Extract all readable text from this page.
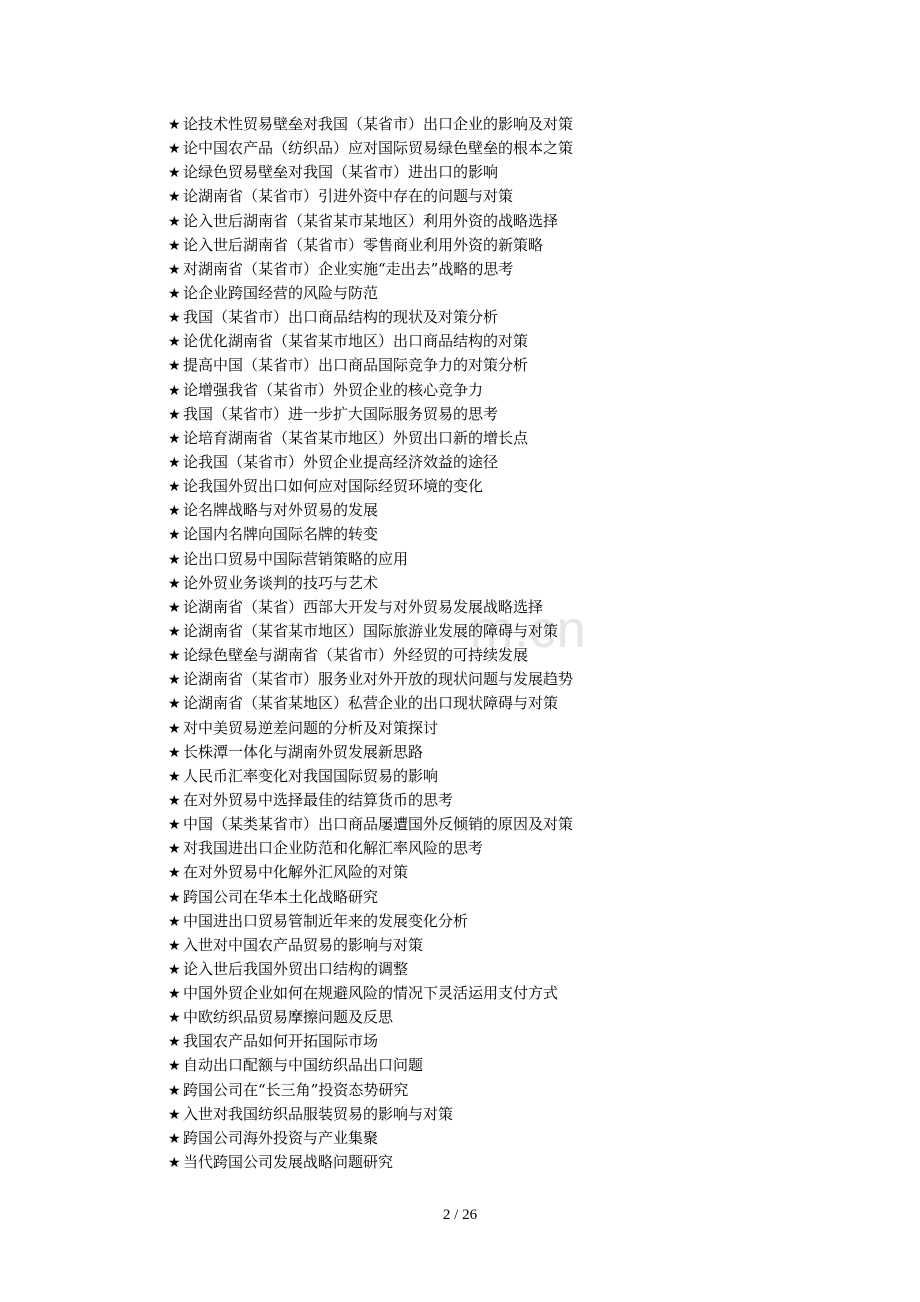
m.cn
★ 论技术性贸易壁垒对我国（某省市）出口企业的影响及对策
★ 论中国农产品（纺织品）应对国际贸易绿色壁垒的根本之策
★ 论绿色贸易壁垒对我国（某省市）进出口的影响
★ 论湖南省（某省市）引进外资中存在的问题与对策
★ 论入世后湖南省（某省某市某地区）利用外资的战略选择
★ 论入世后湖南省（某省市）零售商业利用外资的新策略
★ 对湖南省（某省市）企业实施“走出去”战略的思考
★ 论企业跨国经营的风险与防范
★ 我国（某省市）出口商品结构的现状及对策分析
★ 论优化湖南省（某省某市地区）出口商品结构的对策
★ 提高中国（某省市）出口商品国际竞争力的对策分析
★ 论增强我省（某省市）外贸企业的核心竞争力
★ 我国（某省市）进一步扩大国际服务贸易的思考
★ 论培育湖南省（某省某市地区）外贸出口新的增长点
★ 论我国（某省市）外贸企业提高经济效益的途径
★ 论我国外贸出口如何应对国际经贸环境的变化
★ 论名牌战略与对外贸易的发展
★ 论国内名牌向国际名牌的转变
★ 论出口贸易中国际营销策略的应用
★ 论外贸业务谈判的技巧与艺术
★ 论湖南省（某省）西部大开发与对外贸易发展战略选择
★ 论湖南省（某省某市地区）国际旅游业发展的障碍与对策
★ 论绿色壁垒与湖南省（某省市）外经贸的可持续发展
★ 论湖南省（某省市）服务业对外开放的现状问题与发展趋势
★ 论湖南省（某省某地区）私营企业的出口现状障碍与对策
★ 对中美贸易逆差问题的分析及对策探讨
★ 长株潭一体化与湖南外贸发展新思路
★ 人民币汇率变化对我国国际贸易的影响
★ 在对外贸易中选择最佳的结算货币的思考
★ 中国（某类某省市）出口商品屡遭国外反倾销的原因及对策
★ 对我国进出口企业防范和化解汇率风险的思考
★ 在对外贸易中化解外汇风险的对策
★ 跨国公司在华本土化战略研究
★ 中国进出口贸易管制近年来的发展变化分析
★ 入世对中国农产品贸易的影响与对策
★ 论入世后我国外贸出口结构的调整
★ 中国外贸企业如何在规避风险的情况下灵活运用支付方式
★ 中欧纺织品贸易摩擦问题及反思
★ 我国农产品如何开拓国际市场
★ 自动出口配额与中国纺织品出口问题
★ 跨国公司在“长三角”投资态势研究
★ 入世对我国纺织品服装贸易的影响与对策
★ 跨国公司海外投资与产业集聚
★ 当代跨国公司发展战略问题研究
2 / 26
